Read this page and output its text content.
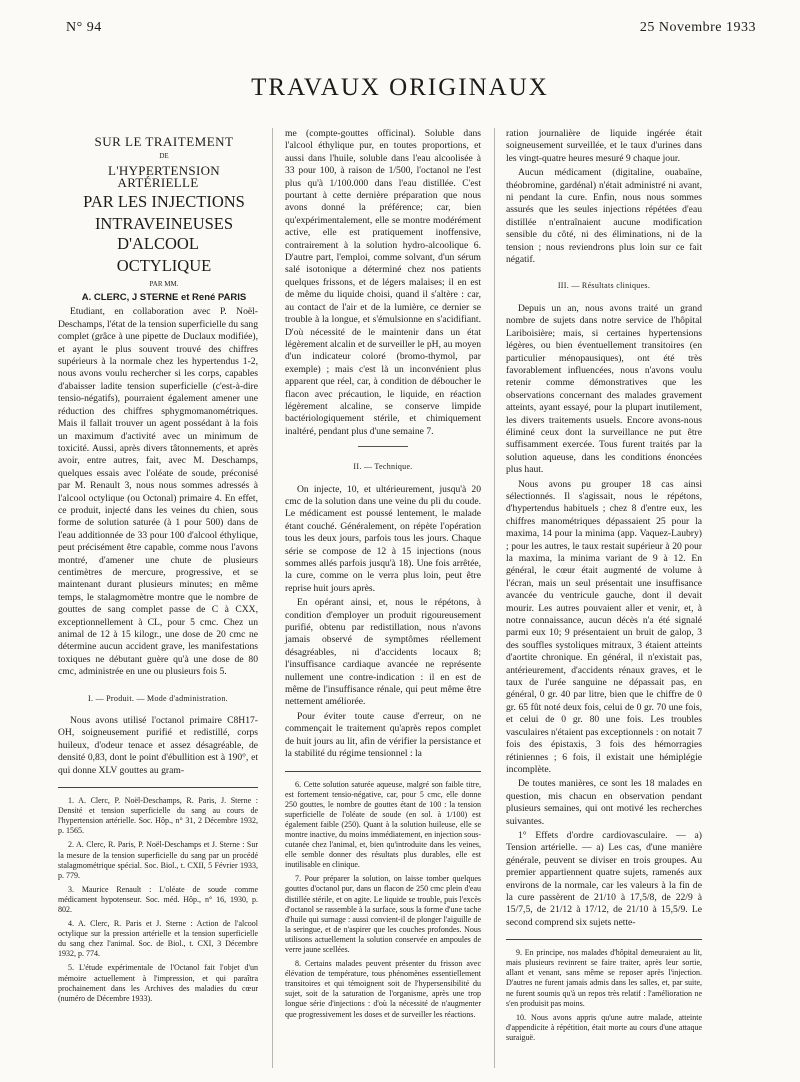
N° 94	25 Novembre 1933
TRAVAUX ORIGINAUX

SUR LE TRAITEMENT

DE

L'HYPERTENSION ARTÉRIELLE

PAR LES INJECTIONS

INTRAVEINEUSES D'ALCOOL

OCTYLIQUE

PAR MM.

A. CLERC, J STERNE et René PARIS

Etudiant, en collaboration avec P. Noël-Deschamps, l'état de la tension superficielle du sang complet (grâce à une pipette de Duclaux modifiée), et ayant le plus souvent trouvé des chiffres supérieurs à la normale chez les hypertendus 1-2, nous avons voulu rechercher si les corps, capables d'abaisser ladite tension superficielle (c'est-à-dire tensio-négatifs), pourraient également amener une réduction des chiffres sphygmomanométriques. Mais il fallait trouver un agent possédant à la fois un maximum d'activité avec un minimum de toxicité. Aussi, après divers tâtonnements, et après avoir, entre autres, fait, avec M. Deschamps, quelques essais avec l'oléate de soude, préconisé par M. Renault 3, nous nous sommes adressés à l'alcool octylique (ou Octonal) primaire 4. En effet, ce produit, injecté dans les veines du chien, sous forme de solution saturée (à 1 pour 500) dans de l'eau additionnée de 33 pour 100 d'alcool éthylique, peut précisément être capable, comme nous l'avons montré, d'amener une chute de plusieurs centimètres de mercure, progressive, et se maintenant durant plusieurs minutes; en même temps, le stalagmomètre montre que le nombre de gouttes de sang complet passe de C à CXX, exceptionnellement à CL, pour 5 cmc. Chez un animal de 12 à 15 kilogr., une dose de 20 cmc ne détermine aucun accident grave, les manifestations toxiques ne débutant guère qu'à une dose de 80 cmc, administrée en une ou plusieurs fois 5.

I. — Produit. — Mode d'administration.

Nous avons utilisé l'octanol primaire C8H17-OH, soigneusement purifié et redistillé, corps huileux, d'odeur tenace et assez désagréable, de densité 0,83, dont le point d'ébullition est à 190°, et qui donne XLV gouttes au gram-

1. A. Clerc, P. Noël-Deschamps, R. Paris, J. Sterne : Densité et tension superficielle du sang au cours de l'hypertension artérielle. Soc. Hôp., n° 31, 2 Décembre 1932, p. 1565.

2. A. Clerc, R. Paris, P. Noël-Deschamps et J. Sterne : Sur la mesure de la tension superficielle du sang par un procédé stalagmométrique spécial. Soc. Biol., t. CXII, 5 Février 1933, p. 779.

3. Maurice Renault : L'oléate de soude comme médicament hypotenseur. Soc. méd. Hôp., n° 16, 1930, p. 802.

4. A. Clerc, R. Paris et J. Sterne : Action de l'alcool octylique sur la pression artérielle et la tension superficielle du sang chez l'animal. Soc. de Biol., t. CXI, 3 Décembre 1932, p. 774.

5. L'étude expérimentale de l'Octanol fait l'objet d'un mémoire actuellement à l'impression, et qui paraîtra prochainement dans les Archives des maladies du cœur (numéro de Décembre 1933).

me (compte-gouttes officinal). Soluble dans l'alcool éthylique pur, en toutes proportions, et aussi dans l'huile, soluble dans l'eau alcoolisée à 33 pour 100, à raison de 1/500, l'octanol ne l'est plus qu'à 1/100.000 dans l'eau distillée. C'est pourtant à cette dernière préparation que nous avons donné la préférence; car, bien qu'expérimentalement, elle se montre modérément active, elle est pratiquement inoffensive, contrairement à la solution hydro-alcoolique 6. D'autre part, l'emploi, comme solvant, d'un sérum salé isotonique a déterminé chez nos patients quelques frissons, et de légers malaises; il en est de même du liquide choisi, quand il s'altère : car, au contact de l'air et de la lumière, ce dernier se trouble à la longue, et s'émulsionne en s'acidifiant. D'où nécessité de le maintenir dans un état légèrement alcalin et de surveiller le pH, au moyen d'un indicateur coloré (bromo-thymol, par exemple) ; mais c'est là un inconvénient plus apparent que réel, car, à condition de déboucher le flacon avec précaution, le liquide, en réaction légèrement alcaline, se conserve limpide bactériologiquement stérile, et chimiquement inaltéré, pendant plus d'une semaine 7.

II. — Technique.

On injecte, 10, et ultérieurement, jusqu'à 20 cmc de la solution dans une veine du pli du coude. Le médicament est poussé lentement, le malade étant couché. Généralement, on répète l'opération tous les deux jours, parfois tous les jours. Chaque série se compose de 12 à 15 injections (nous sommes allés parfois jusqu'à 18). Une fois arrêtée, la cure, comme on le verra plus loin, peut être reprise huit jours après.

En opérant ainsi, et, nous le répétons, à condition d'employer un produit rigoureusement purifié, obtenu par redistillation, nous n'avons jamais observé de symptômes réellement désagréables, ni d'accidents locaux 8; l'insuffisance cardiaque avancée ne représente nullement une contre-indication : il en est de même de l'insuffisance rénale, qui peut même être nettement améliorée.

Pour éviter toute cause d'erreur, on ne commençait le traitement qu'après repos complet de huit jours au lit, afin de vérifier la persistance et la stabilité du régime tensionnel : la

6. Cette solution saturée aqueuse, malgré son faible titre, est fortement tensio-négative, car, pour 5 cmc, elle donne 250 gouttes, le nombre de gouttes étant de 100 : la tension superficielle de l'oléate de soude (en sol. à 1/100) est également faible (250). Quant à la solution huileuse, elle se montre inactive, du moins immédiatement, en injection sous-cutanée chez l'animal, et, bien qu'introduite dans les veines, elle semble donner des résultats plus durables, elle est inutilisable en clinique.

7. Pour préparer la solution, on laisse tomber quelques gouttes d'octanol pur, dans un flacon de 250 cmc plein d'eau distillée stérile, et on agite. Le liquide se trouble, puis l'excès d'octanol se rassemble à la surface, sous la forme d'une tache d'huile qui surnage : aussi convient-il de plonger l'aiguille de la seringue, et de n'aspirer que les couches profondes. Nous utilisons actuellement la solution conservée en ampoules de verre jaune scellées.

8. Certains malades peuvent présenter du frisson avec élévation de température, tous phénomènes essentiellement transitoires et qui témoignent soit de l'hypersensibilité du sujet, soit de la saturation de l'organisme, après une trop longue série d'injections : d'où la nécessité de n'augmenter que progressivement les doses et de surveiller les réactions.

ration journalière de liquide ingérée était soigneusement surveillée, et le taux d'urines dans les vingt-quatre heures mesuré 9 chaque jour.

Aucun médicament (digitaline, ouabaïne, théobromine, gardénal) n'était administré ni avant, ni pendant la cure. Enfin, nous nous sommes assurés que les seules injections répétées d'eau distillée n'entraînaient aucune modification sensible du côté, ni des éliminations, ni de la tension ; nous reviendrons plus loin sur ce fait négatif.

III. — Résultats cliniques.

Depuis un an, nous avons traité un grand nombre de sujets dans notre service de l'hôpital Lariboisière; mais, si certaines hypertensions légères, ou bien éventuellement transitoires (en particulier ménopausiques), ont été très favorablement influencées, nous n'avons voulu retenir comme démonstratives que les observations concernant des malades gravement atteints, ayant essayé, pour la plupart inutilement, les divers traitements usuels. Encore avons-nous éliminé ceux dont la surveillance ne put être suffisamment exercée. Tous furent traités par la solution aqueuse, dans les conditions énoncées plus haut.

Nous avons pu grouper 18 cas ainsi sélectionnés. Il s'agissait, nous le répétons, d'hypertendus habituels ; chez 8 d'entre eux, les chiffres manométriques dépassaient 25 pour la maxima, 14 pour la minima (app. Vaquez-Laubry) ; pour les autres, le taux restait supérieur à 20 pour la maxima, la minima variant de 9 à 12. En général, le cœur était augmenté de volume à l'écran, mais un seul présentait une insuffisance avancée du ventricule gauche, dont il devait mourir. Les autres pouvaient aller et venir, et, à notre connaissance, aucun décès n'a été signalé parmi eux 10; 9 présentaient un bruit de galop, 3 des souffles systoliques mitraux, 3 étaient atteints d'aortite chronique. En général, il n'existait pas, antérieurement, d'accidents rénaux graves, et le taux de l'urée sanguine ne dépassait pas, en général, 0 gr. 40 par litre, bien que le chiffre de 0 gr. 65 fût noté deux fois, celui de 0 gr. 70 une fois, et celui de 0 gr. 80 une fois. Les troubles vasculaires n'étaient pas exceptionnels : on notait 7 fois des épistaxis, 3 fois des hémorragies rétiniennes ; 6 fois, il existait une hémiplégie incomplète.

De toutes manières, ce sont les 18 malades en question, mis chacun en observation pendant plusieurs semaines, qui ont motivé les recherches suivantes.

1° Effets d'ordre cardiovasculaire. — a) Tension artérielle. — a) Les cas, d'une manière générale, peuvent se diviser en trois groupes. Au premier appartiennent quatre sujets, ramenés aux environs de la normale, car les valeurs à la fin de la cure passèrent de 21/10 à 17,5/8, de 22/9 à 15/7,5, de 21/12 à 17/12, de 21/10 à 15,5/9. Le second comprend six sujets nette-

9. En principe, nos malades d'hôpital demeuraient au lit, mais plusieurs revinrent se faire traiter, après leur sortie, allant et venant, sans même se reposer après l'injection. D'autres ne furent jamais admis dans les salles, et, par suite, ne furent soumis qu'à un repos très relatif : l'amélioration ne s'en produisit pas moins.

10. Nous avons appris qu'une autre malade, atteinte d'appendicite à répétition, était morte au cours d'une attaque suraiguë.
